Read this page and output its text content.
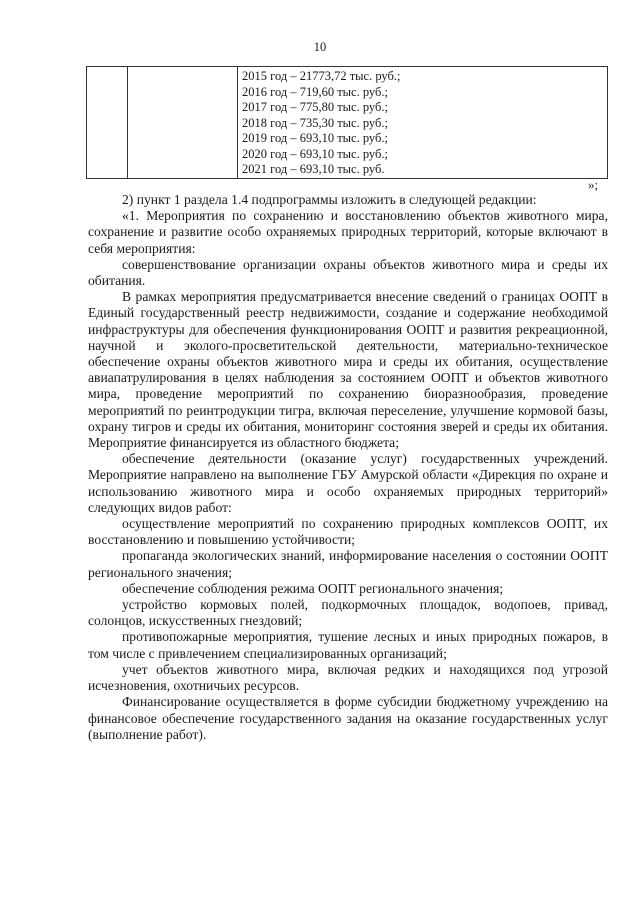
10

2015 год – 21773,72 тыс. руб.;
2016 год – 719,60 тыс. руб.;
2017 год – 775,80 тыс. руб.;
2018 год – 735,30 тыс. руб.;
2019 год – 693,10 тыс. руб.;
2020 год – 693,10 тыс. руб.;
2021 год – 693,10 тыс. руб.
»;

2) пункт 1 раздела 1.4 подпрограммы изложить в следующей редакции:

«1. Мероприятия по сохранению и восстановлению объектов животного мира, сохранение и развитие особо охраняемых природных территорий, которые включают в себя мероприятия:

совершенствование организации охраны объектов животного мира и среды их обитания.

В рамках мероприятия предусматривается внесение сведений о границах ООПТ в Единый государственный реестр недвижимости, создание и содержание необходимой инфраструктуры для обеспечения функционирования ООПТ и развития рекреационной, научной и эколого-просветительской деятельности, материально-техническое обеспечение охраны объектов животного мира и среды их обитания, осуществление авиапатрулирования в целях наблюдения за состоянием ООПТ и объектов животного мира, проведение мероприятий по сохранению биоразнообразия, проведение мероприятий по реинтродукции тигра, включая переселение, улучшение кормовой базы, охрану тигров и среды их обитания, мониторинг состояния зверей и среды их обитания. Мероприятие финансируется из областного бюджета;

обеспечение деятельности (оказание услуг) государственных учреждений. Мероприятие направлено на выполнение ГБУ Амурской области «Дирекция по охране и использованию животного мира и особо охраняемых природных территорий» следующих видов работ:

осуществление мероприятий по сохранению природных комплексов ООПТ, их восстановлению и повышению устойчивости;

пропаганда экологических знаний, информирование населения о состоянии ООПТ регионального значения;

обеспечение соблюдения режима ООПТ регионального значения;

устройство кормовых полей, подкормочных площадок, водопоев, привад, солонцов, искусственных гнездовий;

противопожарные мероприятия, тушение лесных и иных природных пожаров, в том числе с привлечением специализированных организаций;

учет объектов животного мира, включая редких и находящихся под угрозой исчезновения, охотничьих ресурсов.

Финансирование осуществляется в форме субсидии бюджетному учреждению на финансовое обеспечение государственного задания на оказание государственных услуг (выполнение работ).
